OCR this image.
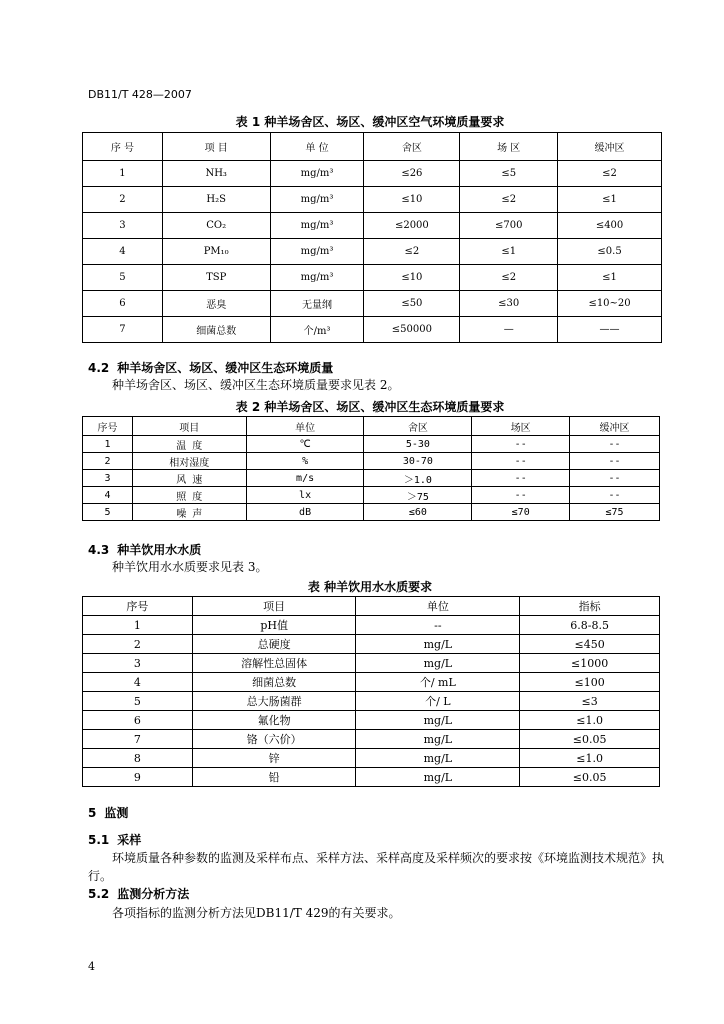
DB11/T 428—2007
表 1 种羊场舍区、场区、缓冲区空气环境质量要求
序 号	项 目	单 位	舍区	场 区	缓冲区
1	NH₃	mg/m³	≤26	≤5	≤2
2	H₂S	mg/m³	≤10	≤2	≤1
3	CO₂	mg/m³	≤2000	≤700	≤400
4	PM₁₀	mg/m³	≤2	≤1	≤0.5
5	TSP	mg/m³	≤10	≤2	≤1
6	恶臭	无量纲	≤50	≤30	≤10~20
7	细菌总数	个/m³	≤50000	—	——
4.2 种羊场舍区、场区、缓冲区生态环境质量
种羊场舍区、场区、缓冲区生态环境质量要求见表 2。
表 2 种羊场舍区、场区、缓冲区生态环境质量要求
序号	项目	单位	舍区	场区	缓冲区
1	温 度	℃	5-30	--	--
2	相对湿度	%	30-70	--	--
3	风 速	m/s	＞1.0	--	--
4	照 度	lx	＞75	--	--
5	噪 声	dB	≤60	≤70	≤75
4.3 种羊饮用水水质
种羊饮用水水质要求见表 3。
表 种羊饮用水水质要求
序号	项目	单位	指标
1	pH值	--	6.8-8.5
2	总硬度	mg/L	≤450
3	溶解性总固体	mg/L	≤1000
4	细菌总数	个/ mL	≤100
5	总大肠菌群	个/ L	≤3
6	氟化物	mg/L	≤1.0
7	铬（六价）	mg/L	≤0.05
8	锌	mg/L	≤1.0
9	铅	mg/L	≤0.05
5 监测
5.1 采样
环境质量各种参数的监测及采样布点、采样方法、采样高度及采样频次的要求按《环境监测技术规范》执行。
5.2 监测分析方法
各项指标的监测分析方法见DB11/T 429的有关要求。
4
